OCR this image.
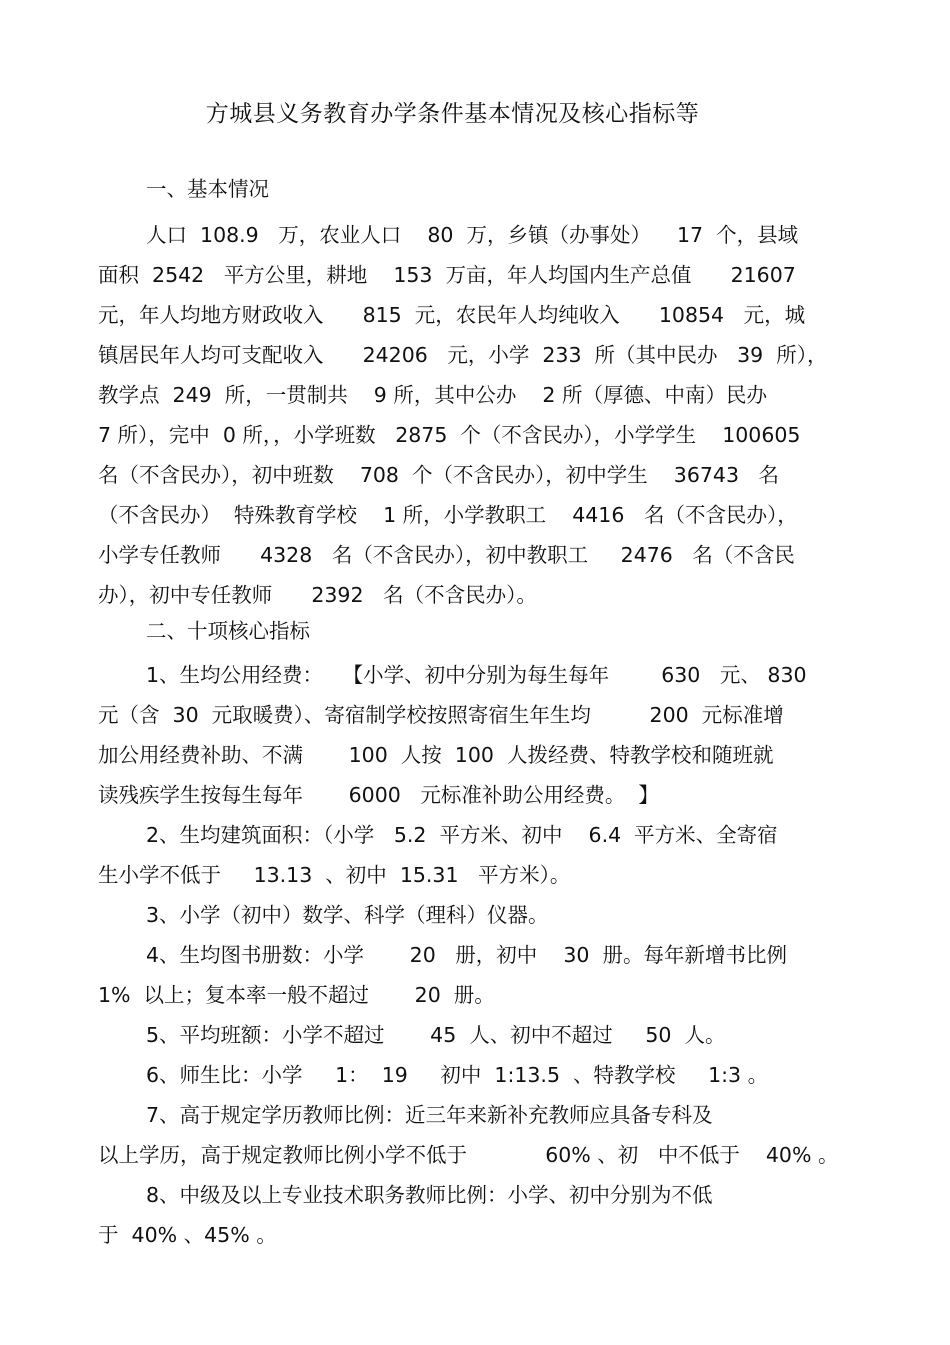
方城县义务教育办学条件基本情况及核心指标等
一、基本情况
人口  108.9   万，农业人口    80  万，乡镇（办事处）    17  个，县域
面积  2542   平方公里，耕地    153  万亩，年人均国内生产总值      21607
元，年人均地方财政收入      815  元，农民年人均纯收入      10854   元，城
镇居民年人均可支配收入      24206   元，小学  233  所（其中民办   39  所），
教学点  249  所，一贯制共    9 所，其中公办    2 所（厚德、中南）民办
7 所），完中  0 所，，小学班数   2875  个（不含民办），小学学生    100605
名（不含民办），初中班数    708  个（不含民办），初中学生    36743   名
（不含民办）  特殊教育学校    1 所，小学教职工    4416   名（不含民办），
小学专任教师      4328   名（不含民办），初中教职工     2476   名（不含民
办），初中专任教师      2392   名（不含民办）。
二、十项核心指标
1、生均公用经费：   【小学、初中分别为每生每年        630   元、 830
元（含  30  元取暖费）、寄宿制学校按照寄宿生年生均         200  元标准增
加公用经费补助、不满       100  人按  100  人拨经费、特教学校和随班就
读残疾学生按每生每年       6000   元标准补助公用经费。  】
2、生均建筑面积：（小学   5.2  平方米、初中    6.4  平方米、全寄宿
生小学不低于     13.13  、初中  15.31   平方米）。
3、小学（初中）数学、科学（理科）仪器。
4、生均图书册数：小学       20   册，初中    30  册。每年新增书比例
1%  以上；复本率一般不超过       20  册。
5、平均班额：小学不超过       45  人、初中不超过     50  人。
6、师生比：小学     1：  19     初中  1:13.5  、特教学校     1:3 。
7、高于规定学历教师比例：近三年来新补充教师应具备专科及
以上学历，高于规定教师比例小学不低于            60% 、初   中不低于    40% 。
8、中级及以上专业技术职务教师比例：小学、初中分别为不低
于  40% 、45% 。
